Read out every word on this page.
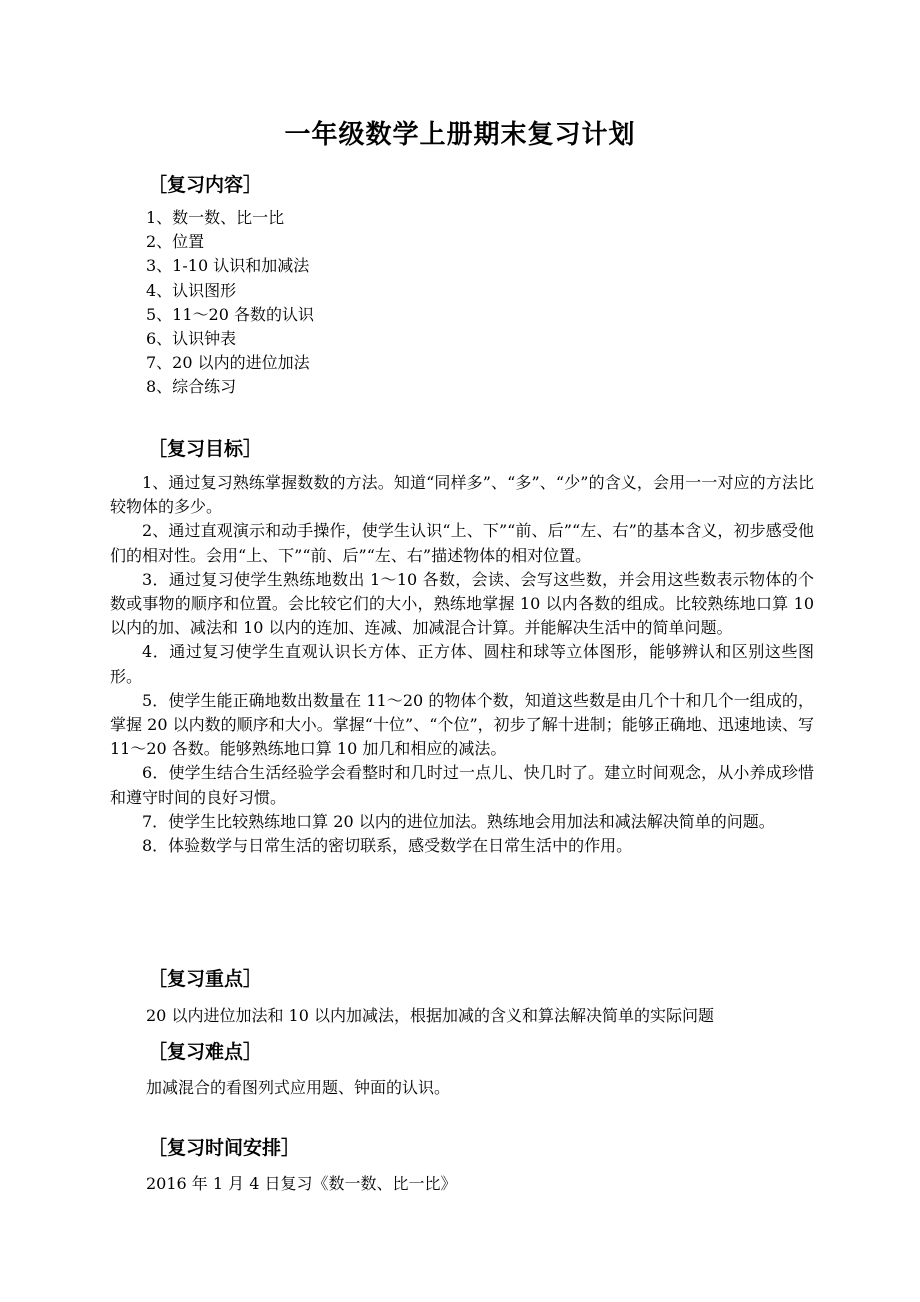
一年级数学上册期末复习计划
［复习内容］
1、数一数、比一比
2、位置
3、1-10 认识和加减法
4、认识图形
5、11～20 各数的认识
6、认识钟表
7、20 以内的进位加法
8、综合练习
［复习目标］

1、通过复习熟练掌握数数的方法。知道“同样多”、“多”、“少”的含义，会用一一对应的方法比较物体的多少。

2、通过直观演示和动手操作，使学生认识“上、下”“前、后”“左、右”的基本含义，初步感受他们的相对性。会用“上、下”“前、后”“左、右”描述物体的相对位置。

3．通过复习使学生熟练地数出 1～10 各数，会读、会写这些数，并会用这些数表示物体的个数或事物的顺序和位置。会比较它们的大小，熟练地掌握 10 以内各数的组成。比较熟练地口算 10 以内的加、减法和 10 以内的连加、连减、加减混合计算。并能解决生活中的简单问题。

4．通过复习使学生直观认识长方体、正方体、圆柱和球等立体图形，能够辨认和区别这些图形。

5．使学生能正确地数出数量在 11～20 的物体个数，知道这些数是由几个十和几个一组成的，掌握 20 以内数的顺序和大小。掌握“十位”、“个位”，初步了解十进制；能够正确地、迅速地读、写 11～20 各数。能够熟练地口算 10 加几和相应的减法。

6．使学生结合生活经验学会看整时和几时过一点儿、快几时了。建立时间观念，从小养成珍惜和遵守时间的良好习惯。

7．使学生比较熟练地口算 20 以内的进位加法。熟练地会用加法和减法解决简单的问题。

8．体验数学与日常生活的密切联系，感受数学在日常生活中的作用。

［复习重点］

20 以内进位加法和 10 以内加减法，根据加减的含义和算法解决简单的实际问题

［复习难点］

加减混合的看图列式应用题、钟面的认识。

［复习时间安排］

2016 年 1 月 4 日复习《数一数、比一比》
